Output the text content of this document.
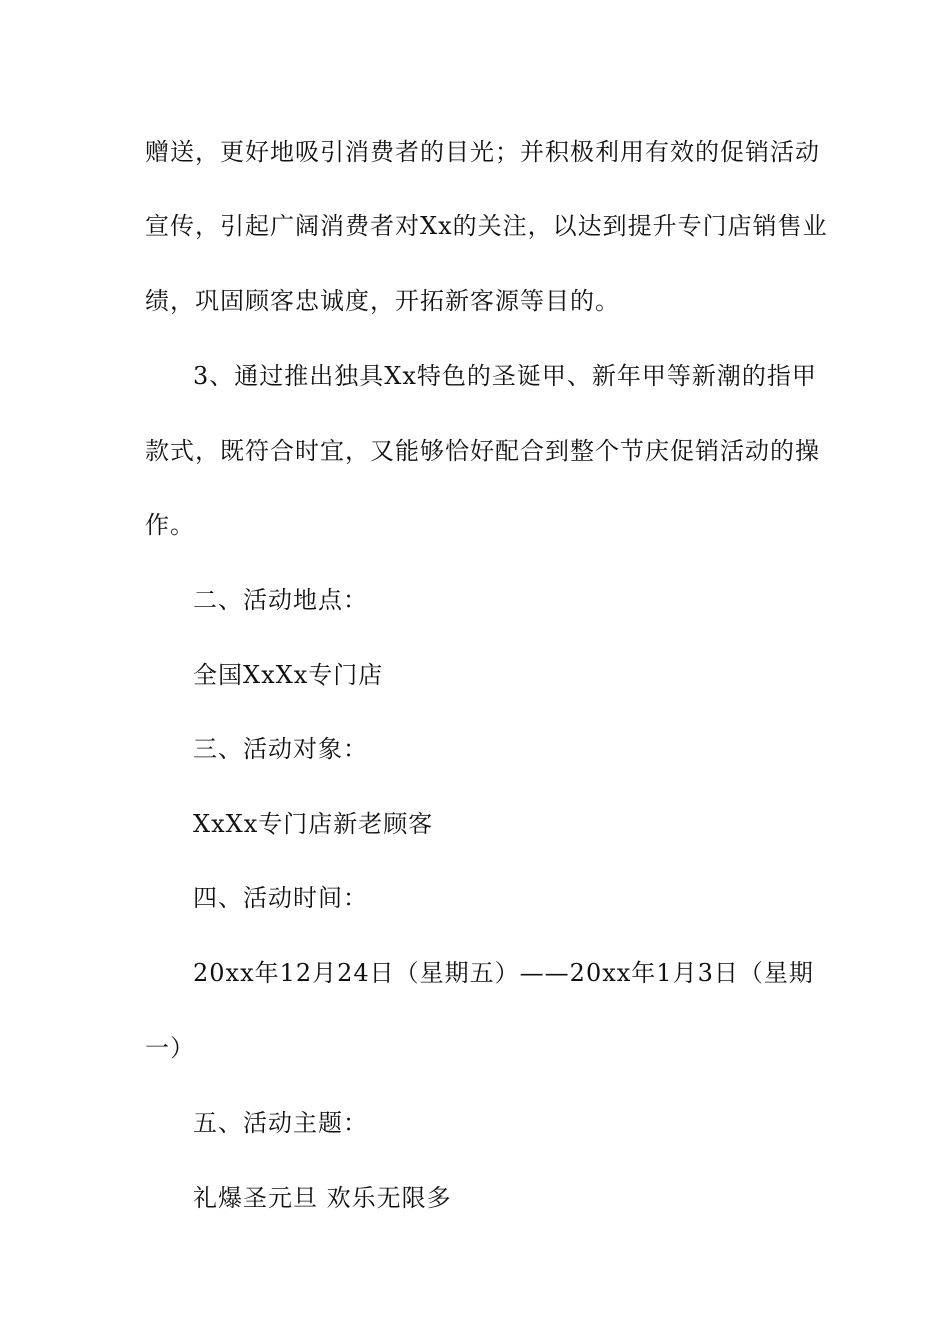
赠送，更好地吸引消费者的目光；并积极利用有效的促销活动
宣传，引起广阔消费者对Xx的关注，以达到提升专门店销售业
绩，巩固顾客忠诚度，开拓新客源等目的。
3、通过推出独具Xx特色的圣诞甲、新年甲等新潮的指甲
款式，既符合时宜，又能够恰好配合到整个节庆促销活动的操
作。
二、活动地点：
全国XxXx专门店
三、活动对象：
XxXx专门店新老顾客
四、活动时间：
20xx年12月24日（星期五）——20xx年1月3日（星期
一）
五、活动主题：
礼爆圣元旦 欢乐无限多
